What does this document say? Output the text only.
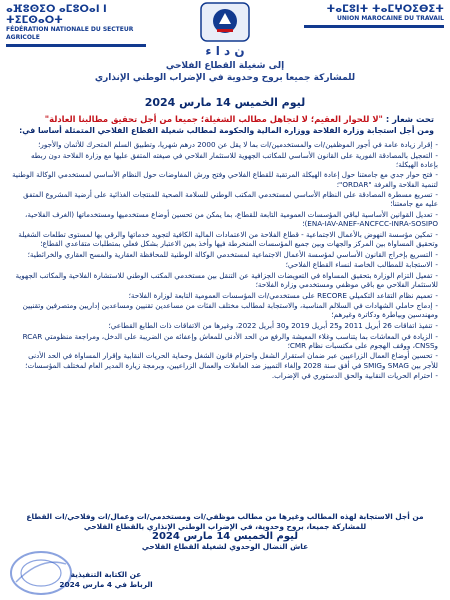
ⴰⴼⵓⵙⵉⵔ ⴰⵎⵓⵔⴰⵏ ⵏ ⵜⵉⵎⵙⴰⵔⵜ
FÉDÉRATION NATIONALE DU SECTEUR AGRICOLE
ⵜⴰⵎⵓⵏⵜ ⵜⴰⵎⵖⵔⵉⴱⵉⵜ
UNION MAROCAINE DU TRAVAIL
ن د ا ء
إلى شغيلة القطاع الفلاحي
للمشاركة جميعا بروح وحدوية في الإضراب الوطني الإنذاري
ليوم الخميس 14 مارس 2024
تحت شعار : "لا للحوار العقيم؛ لا لتجاهل مطالب الشغيلة؛ جميعا من أجل تحقيق مطالبنا العادلة"
ومن أجل استجابة وزارة الفلاحة ووزارة المالية والحكومة لمطالب شغيلة القطاع الفلاحي المتمثلة أساسا في:
-إقرار زيادة عامة في أجور الموظفين/ات والمستخدمين/ات بما لا يقل عن 2000 درهم شهريا، وتطبيق السلم المتحرك للأثمان والأجور؛
-التعجيل بالمصادقة الفورية على القانون الأساسي للمكاتب الجهوية للاستثمار الفلاحي في صيغته المتفق عليها مع وزارة الفلاحة دون ربطه بإعادة الهيكلة؛
-فتح حوار جدي مع جامعتنا حول إعادة الهيكلة المرتقبة للقطاع الفلاحي وفتح ورش المفاوضات حول النظام الأساسي لمستخدمي الوكالة الوطنية لتنمية الفلاحة والغرفة "ORDAR"؛
-تسريع مسطرة المصادقة على النظام الأساسي لمستخدمي المكتب الوطني للسلامة الصحية للمنتجات الغذائية على أرضية المشروع المتفق عليه مع جامعتنا؛
-تعديل القوانين الأساسية لباقي المؤسسات العمومية التابعة للقطاع، بما يمكن من تحسين أوضاع مستخدميها ومستخدماتها (الغرف الفلاحية، ENA-IAV-ANEF-ANCFCC-INRA-SOSIPO)؛
-تمكين مؤسسة النهوض بالأعمال الاجتماعية - قطاع الفلاحة من الاعتمادات المالية الكافية لتجويد خدماتها والرقي بها لمستوى تطلعات الشغيلة وتحقيق المساواة بين المركز والجهات وبين جميع المؤسسات المنخرطة فيها وأخذ بعين الاعتبار بشكل فعلي بمتطلبات متقاعدي القطاع؛
-التسريع بإخراج القانون الأساسي لمؤسسة الأعمال الاجتماعية لمستخدمي الوكالة الوطنية للمحافظة العقارية والمسح العقاري والخرائطية؛
-الاستجابة للمطالب الخاصة لنساء القطاع الفلاحي؛
-تفعيل التزام الوزارة بتحقيق المساواة في التعويضات الجزافية عن التنقل بين مستخدمي المكتب الوطني للاستشارة الفلاحية والمكاتب الجهوية للاستثمار الفلاحي مع باقي موظفي ومستخدمي وزارة الفلاحة؛
-تعميم نظام التقاعد التكميلي RECORE على مستخدمي/ات المؤسسات العمومية التابعة لوزارة الفلاحة؛
-إدماج حاملي الشهادات في السلالم المناسبة، والاستجابة لمطالب مختلف الفئات من مساعدين تقنيين ومساعدين إداريين ومتصرفين وتقنيين ومهندسين وبياطرة ودكاترة وغيرهم؛
-تنفيذ اتفاقات 26 أبريل 2011 و25 أبريل 2019 و30 أبريل 2022، وغيرها من الاتفاقات ذات الطابع القطاعي؛
-الزيادة في المعاشات بما يتناسب وغلاء المعيشة والرفع من الحد الأدنى للمعاش وإعفائه من الضريبة على الدخل، ومراجعة منظومتي RCAR وCNSS، ووقف الهجوم على مكتسبات نظام CMR؛
-تحسين أوضاع العمال الزراعيين عبر ضمان استقرار الشغل واحترام قانون الشغل وحماية الحريات النقابية وإقرار المساواة في الحد الأدنى للأجر بين SMAG وSMIG في أفق سنة 2028 وإلغاء التمييز ضد العاملات والعمال الزراعيين، وبرمجة زيارة المدير العام لمختلف المؤسسات؛
-احترام الحريات النقابية والحق الدستوري في الإضراب.
من أجل الاستجابة لهذه المطالب وغيرها من مطالب موظفي/ات ومستخدمي/ات وعمال/ات وفلاحي/ات القطاع
للمشاركة جميعا، بروح وحدوية، في الإضراب الوطني الإنذاري بالقطاع الفلاحي
ليوم الخميس 14 مارس 2024
عاش النضال الوحدوي لشغيلة القطاع الفلاحي
عن الكتابة التنفيذية
الرباط في 4 مارس 2024
